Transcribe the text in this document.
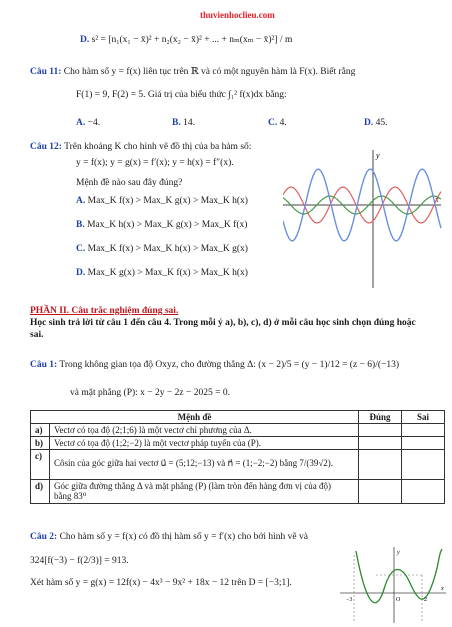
thuvienhoclieu.com
D. s² = [n₁(x₁ − x̄)² + n₂(x₂ − x̄)² + ... + nₘ(xₘ − x̄)²] / m
Câu 11: Cho hàm số y = f(x) liên tục trên ℝ và có một nguyên hàm là F(x). Biết rằng
F(1) = 9, F(2) = 5. Giá trị của biểu thức ∫₁² f(x)dx bằng:
A. −4.	B. 14.	C. 4.	D. 45.
Câu 12: Trên khoảng K cho hình vẽ đồ thị của ba hàm số:
y = f(x); y = g(x) = f′(x); y = h(x) = f″(x).
Mệnh đề nào sau đây đúng?
A. Max_K f(x) > Max_K g(x) > Max_K h(x)
B. Max_K h(x) > Max_K g(x) > Max_K f(x)
C. Max_K f(x) > Max_K h(x) > Max_K g(x)
D. Max_K g(x) > Max_K f(x) > Max_K h(x)
x
y
PHẦN II. Câu trắc nghiệm đúng sai.
Học sinh trả lời từ câu 1 đến câu 4. Trong mỗi ý a), b), c), d) ở mỗi câu học sinh chọn đúng hoặc
sai.
Câu 1: Trong không gian tọa độ Oxyz, cho đường thẳng Δ: (x − 2)/5 = (y − 1)/12 = (z − 6)/(−13)
và mặt phẳng (P): x − 2y − 2z − 2025 = 0.
Mệnh đề		Đúng	Sai
a)	Vectơ có tọa độ (2;1;6) là một vectơ chỉ phương của Δ.		
b)	Vectơ có tọa độ (1;2;−2) là một vectơ pháp tuyến của (P).		
c)	Côsin của góc giữa hai vectơ u⃗ = (5;12;−13) và n⃗ = (1;−2;−2) bằng 7/(39√2).		
d)	Góc giữa đường thẳng Δ và mặt phẳng (P) (làm tròn đến hàng đơn vị của độ)
bằng 83⁰		

Câu 2: Cho hàm số y = f(x) có đồ thị hàm số y = f′(x) cho bởi hình vẽ và
324[f(−3) − f(2/3)] = 913.
Xét hàm số y = g(x) = 12f(x) − 4x³ − 9x² + 18x − 12 trên D = [−3;1].
−3	O	2
x
y
